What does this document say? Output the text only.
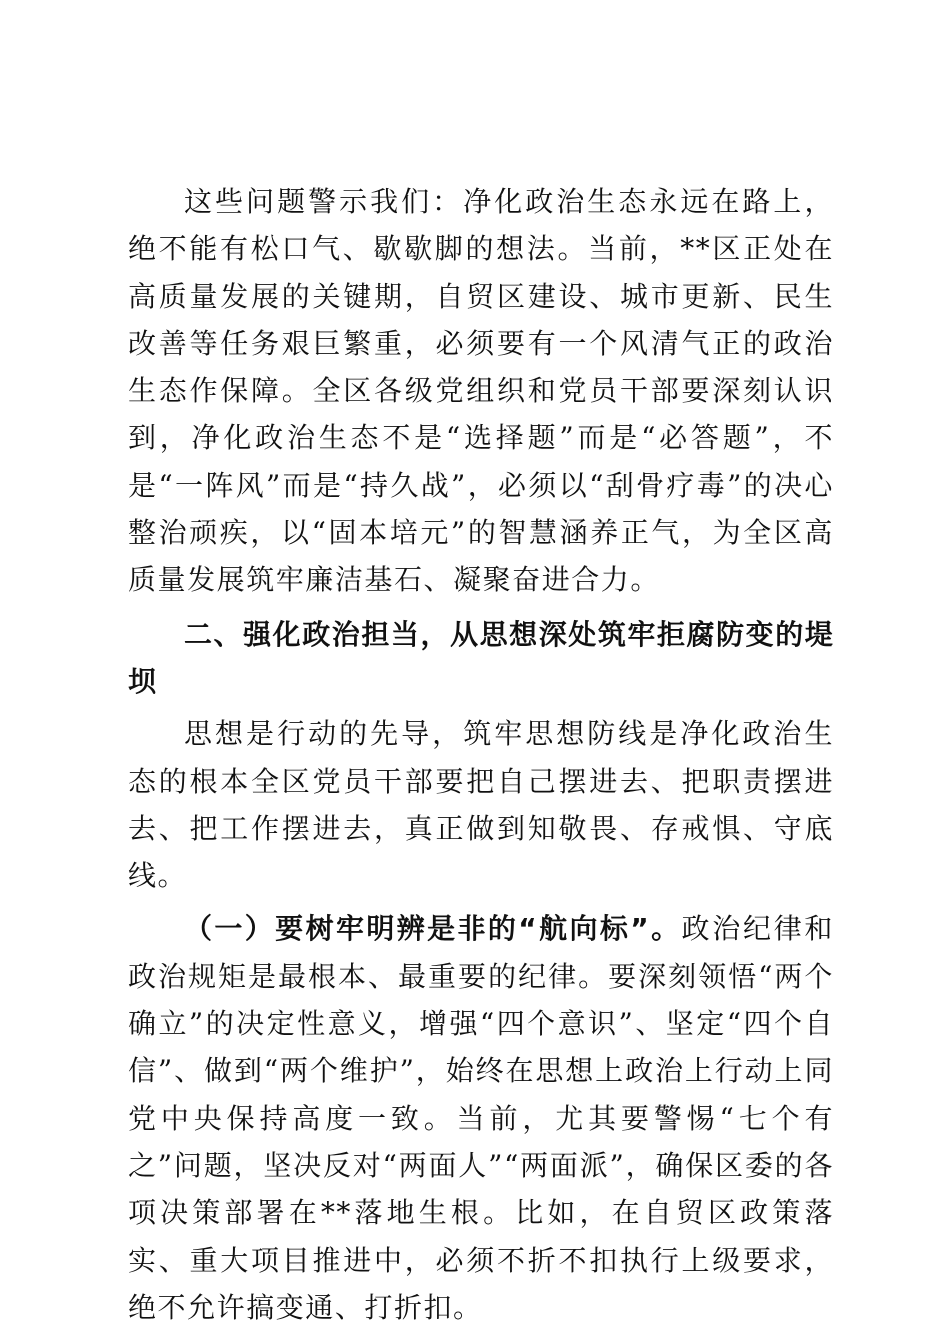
这些问题警示我们：净化政治生态永远在路上，绝不能有松口气、歇歇脚的想法。当前，**区正处在高质量发展的关键期，自贸区建设、城市更新、民生改善等任务艰巨繁重，必须要有一个风清气正的政治生态作保障。全区各级党组织和党员干部要深刻认识到，净化政治生态不是“选择题”而是“必答题”，不是“一阵风”而是“持久战”，必须以“刮骨疗毒”的决心整治顽疾，以“固本培元”的智慧涵养正气，为全区高质量发展筑牢廉洁基石、凝聚奋进合力。

二、强化政治担当，从思想深处筑牢拒腐防变的堤坝

思想是行动的先导，筑牢思想防线是净化政治生态的根本全区党员干部要把自己摆进去、把职责摆进去、把工作摆进去，真正做到知敬畏、存戒惧、守底线。

（一）要树牢明辨是非的“航向标”。政治纪律和政治规矩是最根本、最重要的纪律。要深刻领悟“两个确立”的决定性意义，增强“四个意识”、坚定“四个自信”、做到“两个维护”，始终在思想上政治上行动上同党中央保持高度一致。当前，尤其要警惕“七个有之”问题，坚决反对“两面人”“两面派”，确保区委的各项决策部署在**落地生根。比如，在自贸区政策落实、重大项目推进中，必须不折不扣执行上级要求，绝不允许搞变通、打折扣。
